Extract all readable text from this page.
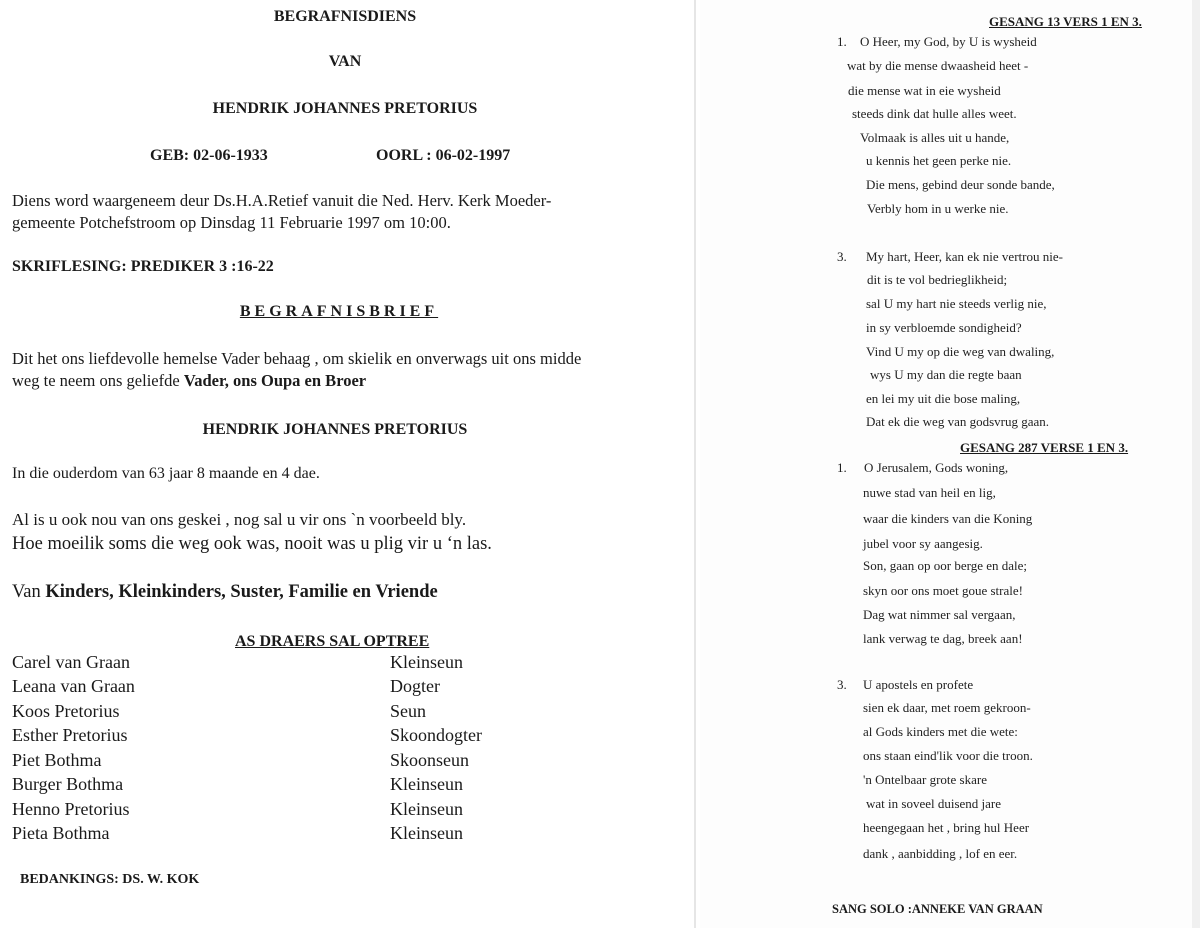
BEGRAFNISDIENS
VAN
HENDRIK JOHANNES PRETORIUS
GEB: 02-06-1933	OORL : 06-02-1997
Diens word waargeneem deur Ds.H.A.Retief vanuit die Ned. Herv. Kerk Moeder-
gemeente Potchefstroom op Dinsdag 11 Februarie 1997 om 10:00.
SKRIFLESING: PREDIKER 3 :16-22
BEGRAFNISBRIEF
Dit het ons liefdevolle hemelse Vader behaag , om skielik en onverwags uit ons midde
weg te neem ons geliefde Vader, ons Oupa en Broer
HENDRIK JOHANNES PRETORIUS
In die ouderdom van 63 jaar 8 maande en 4 dae.
Al is u ook nou van ons geskei , nog sal u vir ons `n voorbeeld bly.
Hoe moeilik soms die weg ook was, nooit was u plig vir u ‘n las.
Van Kinders, Kleinkinders, Suster, Familie en Vriende
AS DRAERS SAL OPTREE
Carel van Graan	Kleinseun
Leana van Graan	Dogter
Koos Pretorius	Seun
Esther Pretorius	Skoondogter
Piet Bothma	Skoonseun
Burger Bothma	Kleinseun
Henno Pretorius	Kleinseun
Pieta Bothma	Kleinseun
BEDANKINGS: DS. W. KOK
GESANG 13 VERS 1 EN 3.
1. O Heer, my God, by U is wysheid
wat by die mense dwaasheid heet -
die mense wat in eie wysheid
steeds dink dat hulle alles weet.
Volmaak is alles uit u hande,
u kennis het geen perke nie.
Die mens, gebind deur sonde bande,
Verbly hom in u werke nie.
3. My hart, Heer, kan ek nie vertrou nie-
dit is te vol bedrieglikheid;
sal U my hart nie steeds verlig nie,
in sy verbloemde sondigheid?
Vind U my op die weg van dwaling,
wys U my dan die regte baan
en lei my uit die bose maling,
Dat ek die weg van godsvrug gaan.
GESANG 287 VERSE 1 EN 3.
1. O Jerusalem, Gods woning,
nuwe stad van heil en lig,
waar die kinders van die Koning
jubel voor sy aangesig.
Son, gaan op oor berge en dale;
skyn oor ons moet goue strale!
Dag wat nimmer sal vergaan,
lank verwag te dag, breek aan!
3. U apostels en profete
sien ek daar, met roem gekroon-
al Gods kinders met die wete:
ons staan eind'lik voor die troon.
'n Ontelbaar grote skare
wat in soveel duisend jare
heengegaan het , bring hul Heer
dank , aanbidding , lof en eer.
SANG SOLO :ANNEKE VAN GRAAN
